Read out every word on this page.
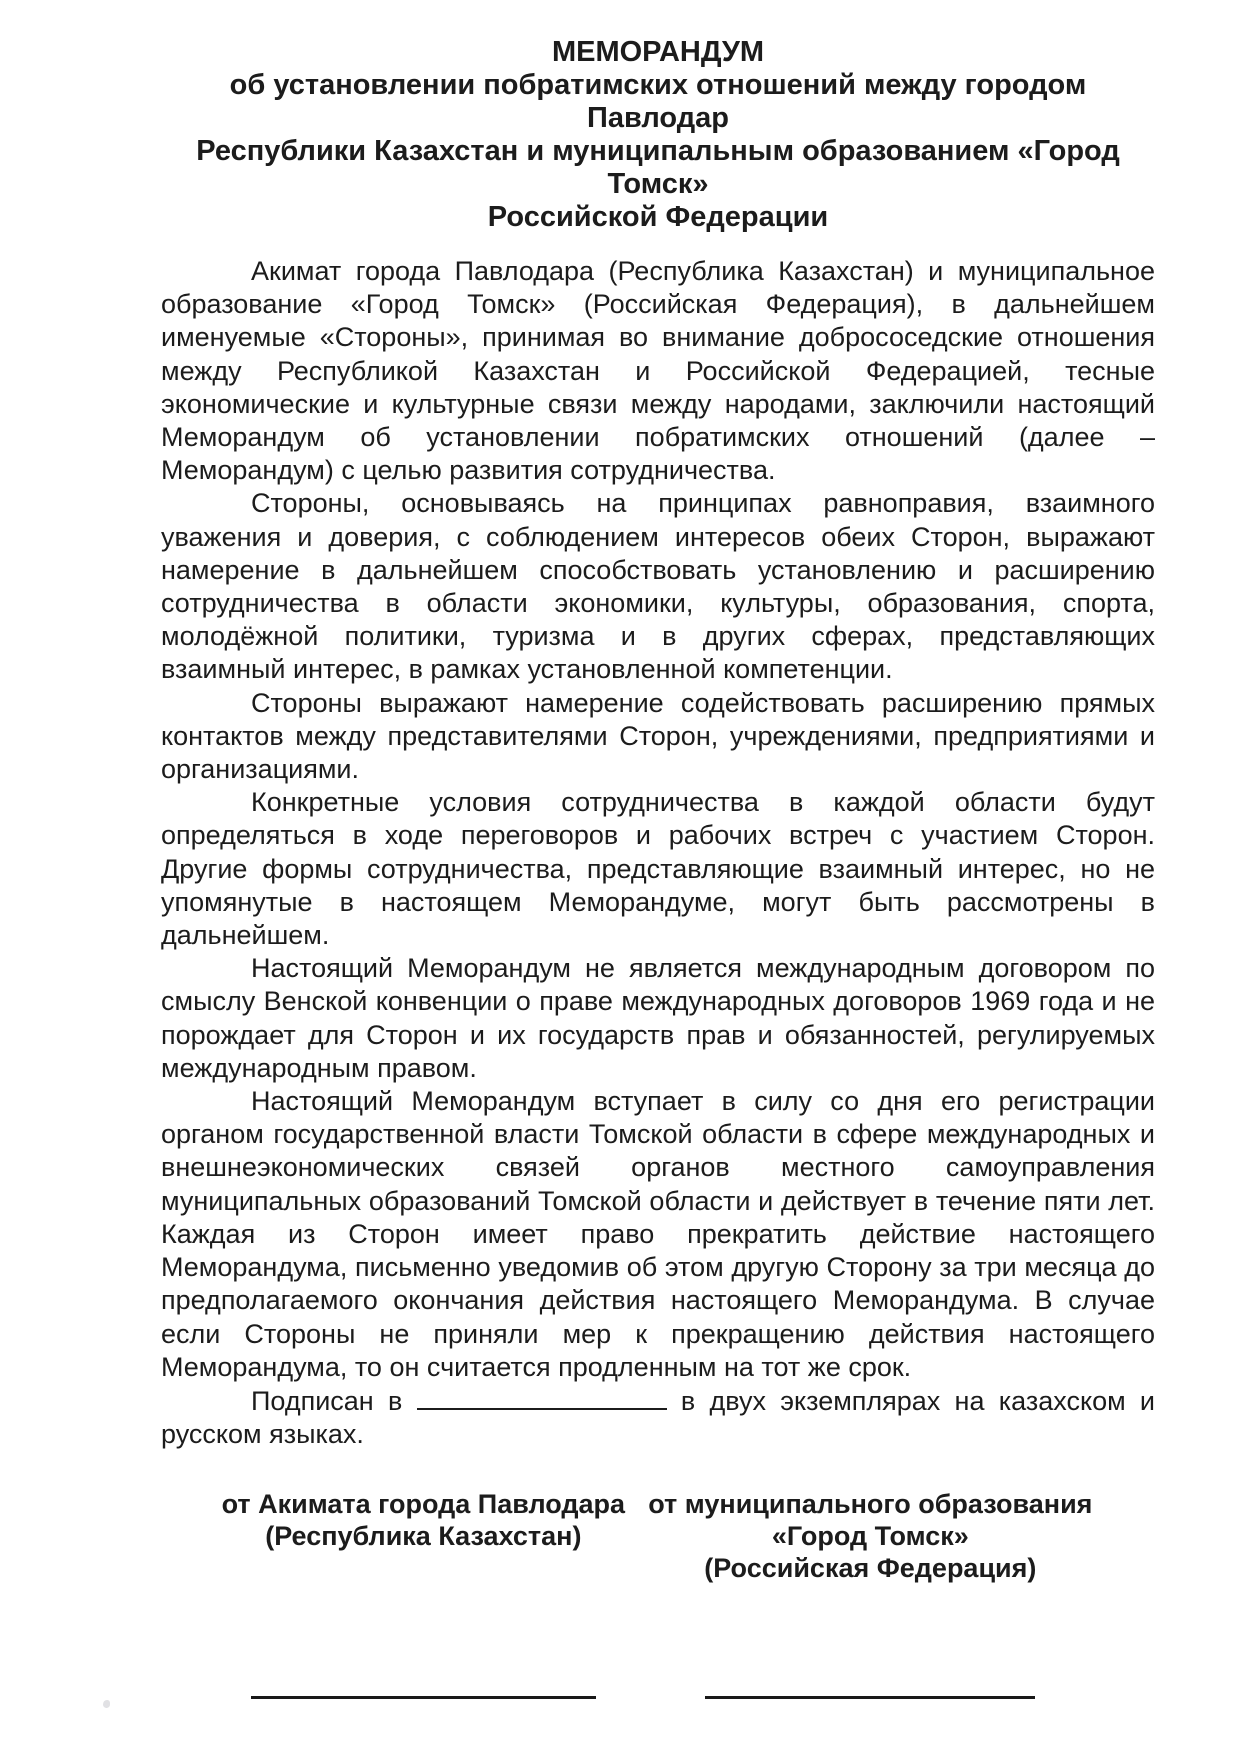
МЕМОРАНДУМ
об установлении побратимских отношений между городом Павлодар
Республики Казахстан и муниципальным образованием «Город Томск»
Российской Федерации

Акимат города Павлодара (Республика Казахстан) и муниципальное образование «Город Томск» (Российская Федерация), в дальнейшем именуемые «Стороны», принимая во внимание добрососедские отношения между Республикой Казахстан и Российской Федерацией, тесные экономические и культурные связи между народами, заключили настоящий Меморандум об установлении побратимских отношений (далее – Меморандум) с целью развития сотрудничества.

Стороны, основываясь на принципах равноправия, взаимного уважения и доверия, с соблюдением интересов обеих Сторон, выражают намерение в дальнейшем способствовать установлению и расширению сотрудничества в области экономики, культуры, образования, спорта, молодёжной политики, туризма и в других сферах, представляющих взаимный интерес, в рамках установленной компетенции.

Стороны выражают намерение содействовать расширению прямых контактов между представителями Сторон, учреждениями, предприятиями и организациями.

Конкретные условия сотрудничества в каждой области будут определяться в ходе переговоров и рабочих встреч с участием Сторон. Другие формы сотрудничества, представляющие взаимный интерес, но не упомянутые в настоящем Меморандуме, могут быть рассмотрены в дальнейшем.

Настоящий Меморандум не является международным договором по смыслу Венской конвенции о праве международных договоров 1969 года и не порождает для Сторон и их государств прав и обязанностей, регулируемых международным правом.

Настоящий Меморандум вступает в силу со дня его регистрации органом государственной власти Томской области в сфере международных и внешнеэкономических связей органов местного самоуправления муниципальных образований Томской области и действует в течение пяти лет. Каждая из Сторон имеет право прекратить действие настоящего Меморандума, письменно уведомив об этом другую Сторону за три месяца до предполагаемого окончания действия настоящего Меморандума. В случае если Стороны не приняли мер к прекращению действия настоящего Меморандума, то он считается продленным на тот же срок.

Подписан в	в двух экземплярах на казахском и русском языках.

от Акимата города Павлодара
(Республика Казахстан)
от муниципального образования
«Город Томск»
(Российская Федерация)
